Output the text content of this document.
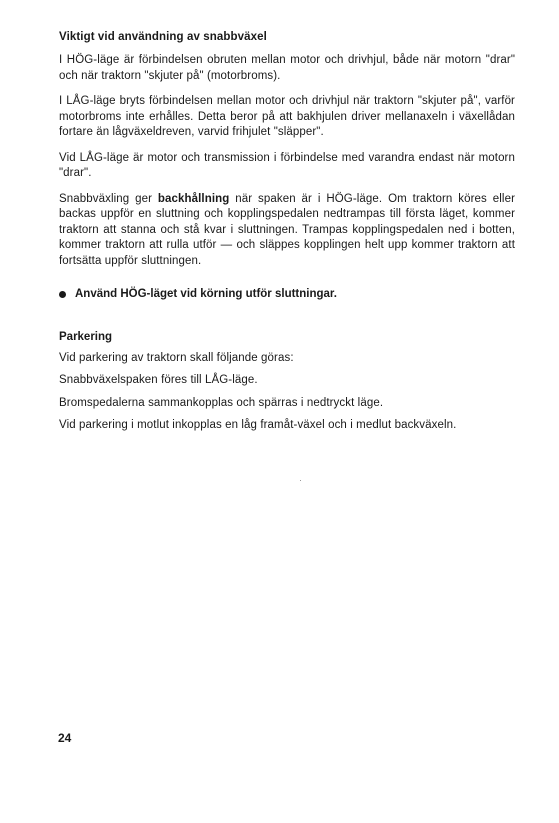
Viktigt vid användning av snabbväxel

I HÖG-läge är förbindelsen obruten mellan motor och drivhjul, både när motorn "drar" och när traktorn "skjuter på" (motorbroms).

I LÅG-läge bryts förbindelsen mellan motor och drivhjul när traktorn "skjuter på", varför motorbroms inte erhålles. Detta beror på att bakhjulen driver mellanaxeln i växellådan fortare än lågväxeldreven, varvid frihjulet "släpper".

Vid LÅG-läge är motor och transmission i förbindelse med varandra endast när motorn "drar".

Snabbväxling ger backhållning när spaken är i HÖG-läge. Om traktorn köres eller backas uppför en sluttning och kopplingspedalen nedtrampas till första läget, kommer traktorn att stanna och stå kvar i sluttningen. Trampas kopplingspedalen ned i botten, kommer traktorn att rulla utför — och släppes kopplingen helt upp kommer traktorn att fortsätta uppför sluttningen.

Använd HÖG-läget vid körning utför sluttningar.
Parkering

Vid parkering av traktorn skall följande göras:

Snabbväxelspaken föres till LÅG-läge.

Bromspedalerna sammankopplas och spärras i nedtryckt läge.

Vid parkering i motlut inkopplas en låg framåt-växel och i medlut backväxeln.

24
